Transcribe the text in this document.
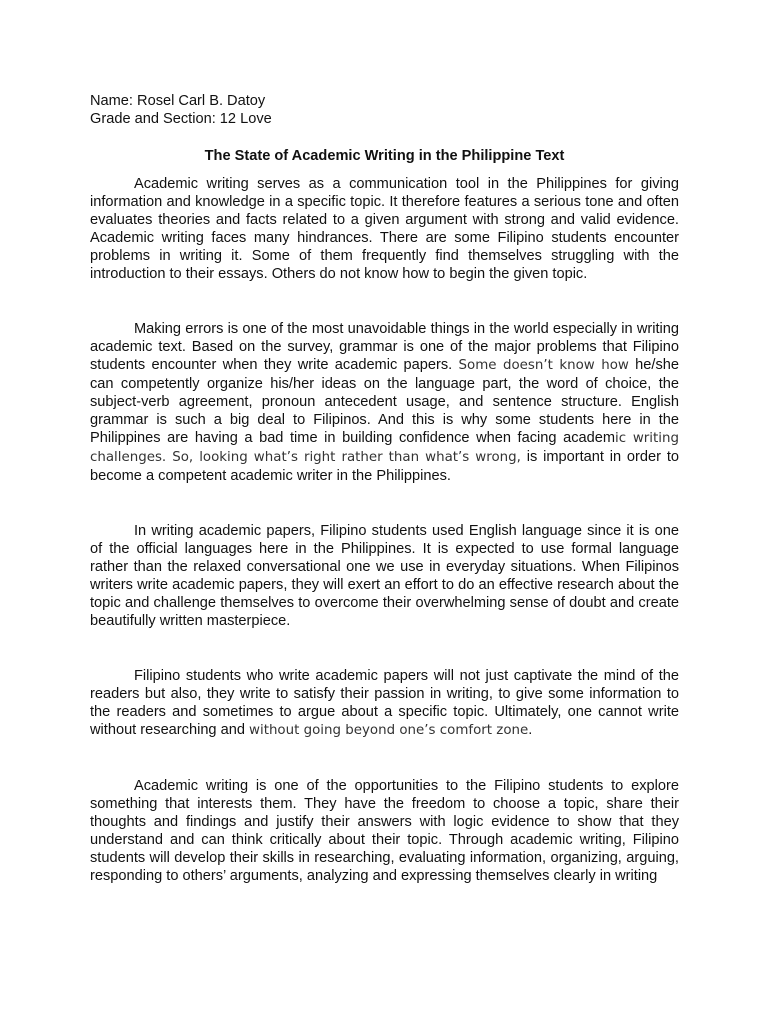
Name: Rosel Carl B. Datoy

Grade and Section: 12 Love

The State of Academic Writing in the Philippine Text

Academic writing serves as a communication tool in the Philippines for giving information and knowledge in a specific topic. It therefore features a serious tone and often evaluates theories and facts related to a given argument with strong and valid evidence. Academic writing faces many hindrances. There are some Filipino students encounter problems in writing it. Some of them frequently find themselves struggling with the introduction to their essays. Others do not know how to begin the given topic.

Making errors is one of the most unavoidable things in the world especially in writing academic text. Based on the survey, grammar is one of the major problems that Filipino students encounter when they write academic papers. Some doesn’t know how he/she can competently organize his/her ideas on the language part, the word of choice, the subject-verb agreement, pronoun antecedent usage, and sentence structure. English grammar is such a big deal to Filipinos. And this is why some students here in the Philippines are having a bad time in building confidence when facing academic writing challenges. So, looking what’s right rather than what’s wrong, is important in order to become a competent academic writer in the Philippines.

In writing academic papers, Filipino students used English language since it is one of the official languages here in the Philippines. It is expected to use formal language rather than the relaxed conversational one we use in everyday situations. When Filipinos writers write academic papers, they will exert an effort to do an effective research about the topic and challenge themselves to overcome their overwhelming sense of doubt and create beautifully written masterpiece.

Filipino students who write academic papers will not just captivate the mind of the readers but also, they write to satisfy their passion in writing, to give some information to the readers and sometimes to argue about a specific topic. Ultimately, one cannot write without researching and without going beyond one’s comfort zone.

Academic writing is one of the opportunities to the Filipino students to explore something that interests them. They have the freedom to choose a topic, share their thoughts and findings and justify their answers with logic evidence to show that they understand and can think critically about their topic. Through academic writing, Filipino students will develop their skills in researching, evaluating information, organizing, arguing, responding to others’ arguments, analyzing and expressing themselves clearly in writing
